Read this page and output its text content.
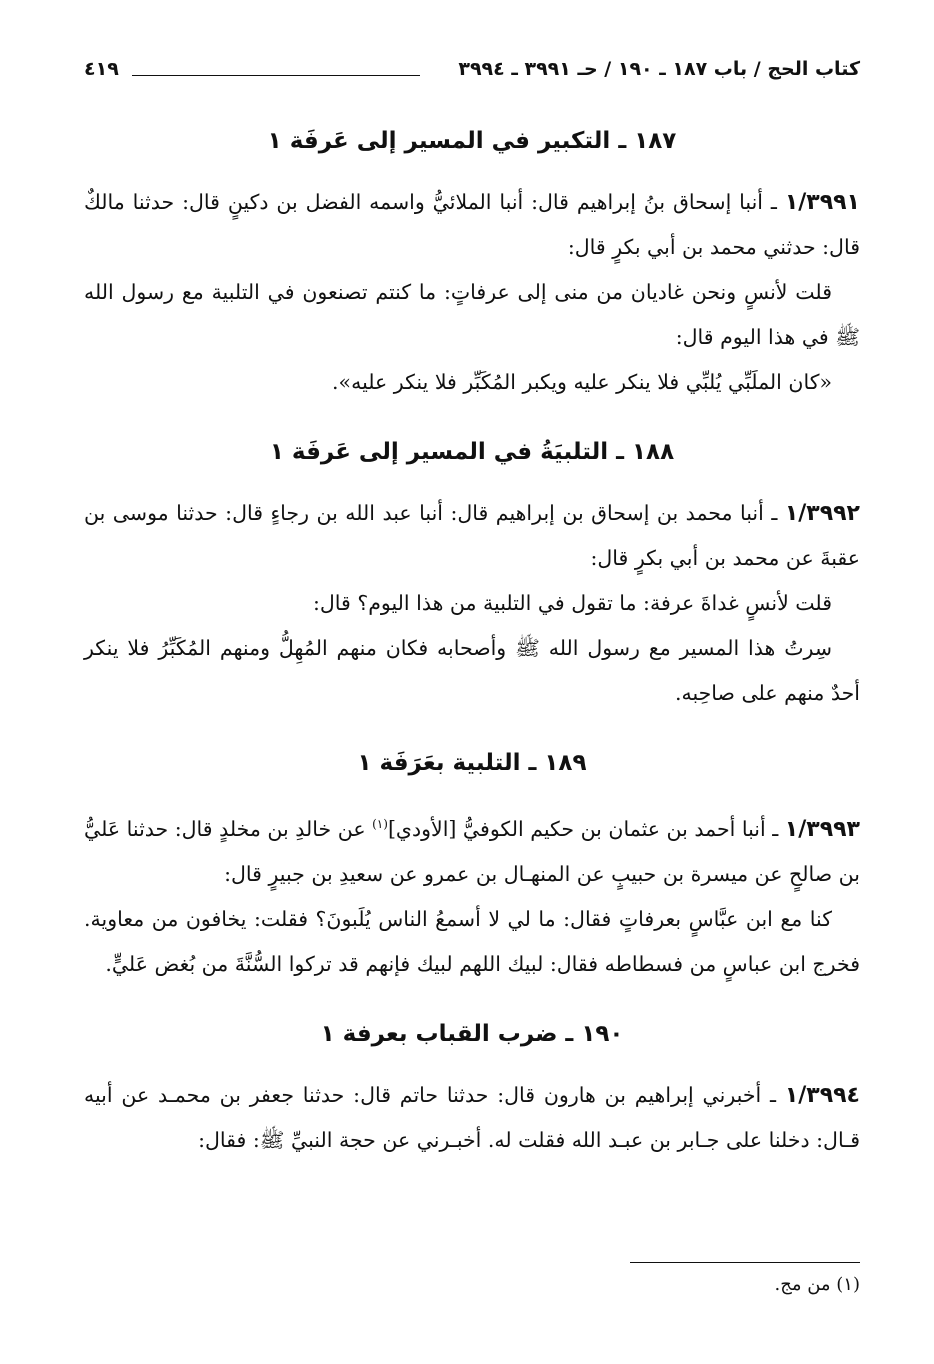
كتاب الحج / باب ١٨٧ ـ ١٩٠ / حـ ٣٩٩١ ـ ٣٩٩٤
٤١٩
١٨٧ ـ التكبير في المسير إلى عَرفَة ١

١/٣٩٩١ ـ أنبا إسحاق بنُ إبراهيم قال: أنبا الملائيُّ واسمه الفضل بن دكينٍ قال: حدثنا مالكٌ قال: حدثني محمد بن أبي بكرٍ قال:

قلت لأنسٍ ونحن غاديان من منى إلى عرفاتٍ: ما كنتم تصنعون في التلبية مع رسول الله ﷺ في هذا اليوم قال:

«كان الملَبِّي يُلبِّي فلا ينكر عليه ويكبر المُكَبِّر فلا ينكر عليه».

١٨٨ ـ التلبيَةُ في المسير إلى عَرفَة ١

١/٣٩٩٢ ـ أنبا محمد بن إسحاق بن إبراهيم قال: أنبا عبد الله بن رجاءٍ قال: حدثنا موسى بن عقبةَ عن محمد بن أبي بكرٍ قال:

قلت لأنسٍ غداةَ عرفة: ما تقول في التلبية من هذا اليوم؟ قال:

سِرتُ هذا المسير مع رسول الله ﷺ وأصحابه فكان منهم المُهِلُّ ومنهم المُكَبِّرُ فلا ينكر أحدٌ منهم على صاحِبه.

١٨٩ ـ التلبية بعَرَفَة ١

١/٣٩٩٣ ـ أنبا أحمد بن عثمان بن حكيم الكوفيُّ [الأودي]$^{(١)}$ عن خالدِ بن مخلدٍ قال: حدثنا عَليُّ بن صالحٍ عن ميسرة بن حبيبٍ عن المنهـال بن عمرو عن سعيدِ بن جبيرٍ قال:

كنا مع ابن عبَّاسٍ بعرفاتٍ فقال: ما لي لا أسمعُ الناس يُلَبونَ؟ فقلت: يخافون من معاوية. فخرج ابن عباسٍ من فسطاطه فقال: لبيك اللهم لبيك فإنهم قد تركوا السُّنَّةَ من بُغض عَليٍّ.

١٩٠ ـ ضرب القباب بعرفة ١

١/٣٩٩٤ ـ أخبرني إبراهيم بن هارون قال: حدثنا حاتم قال: حدثنا جعفر بن محمـد عن أبيه قـال: دخلنا على جـابر بن عبـد الله فقلت له. أخبـرني عن حجة النبيِّ ﷺ: فقال:

(١) من مج.
